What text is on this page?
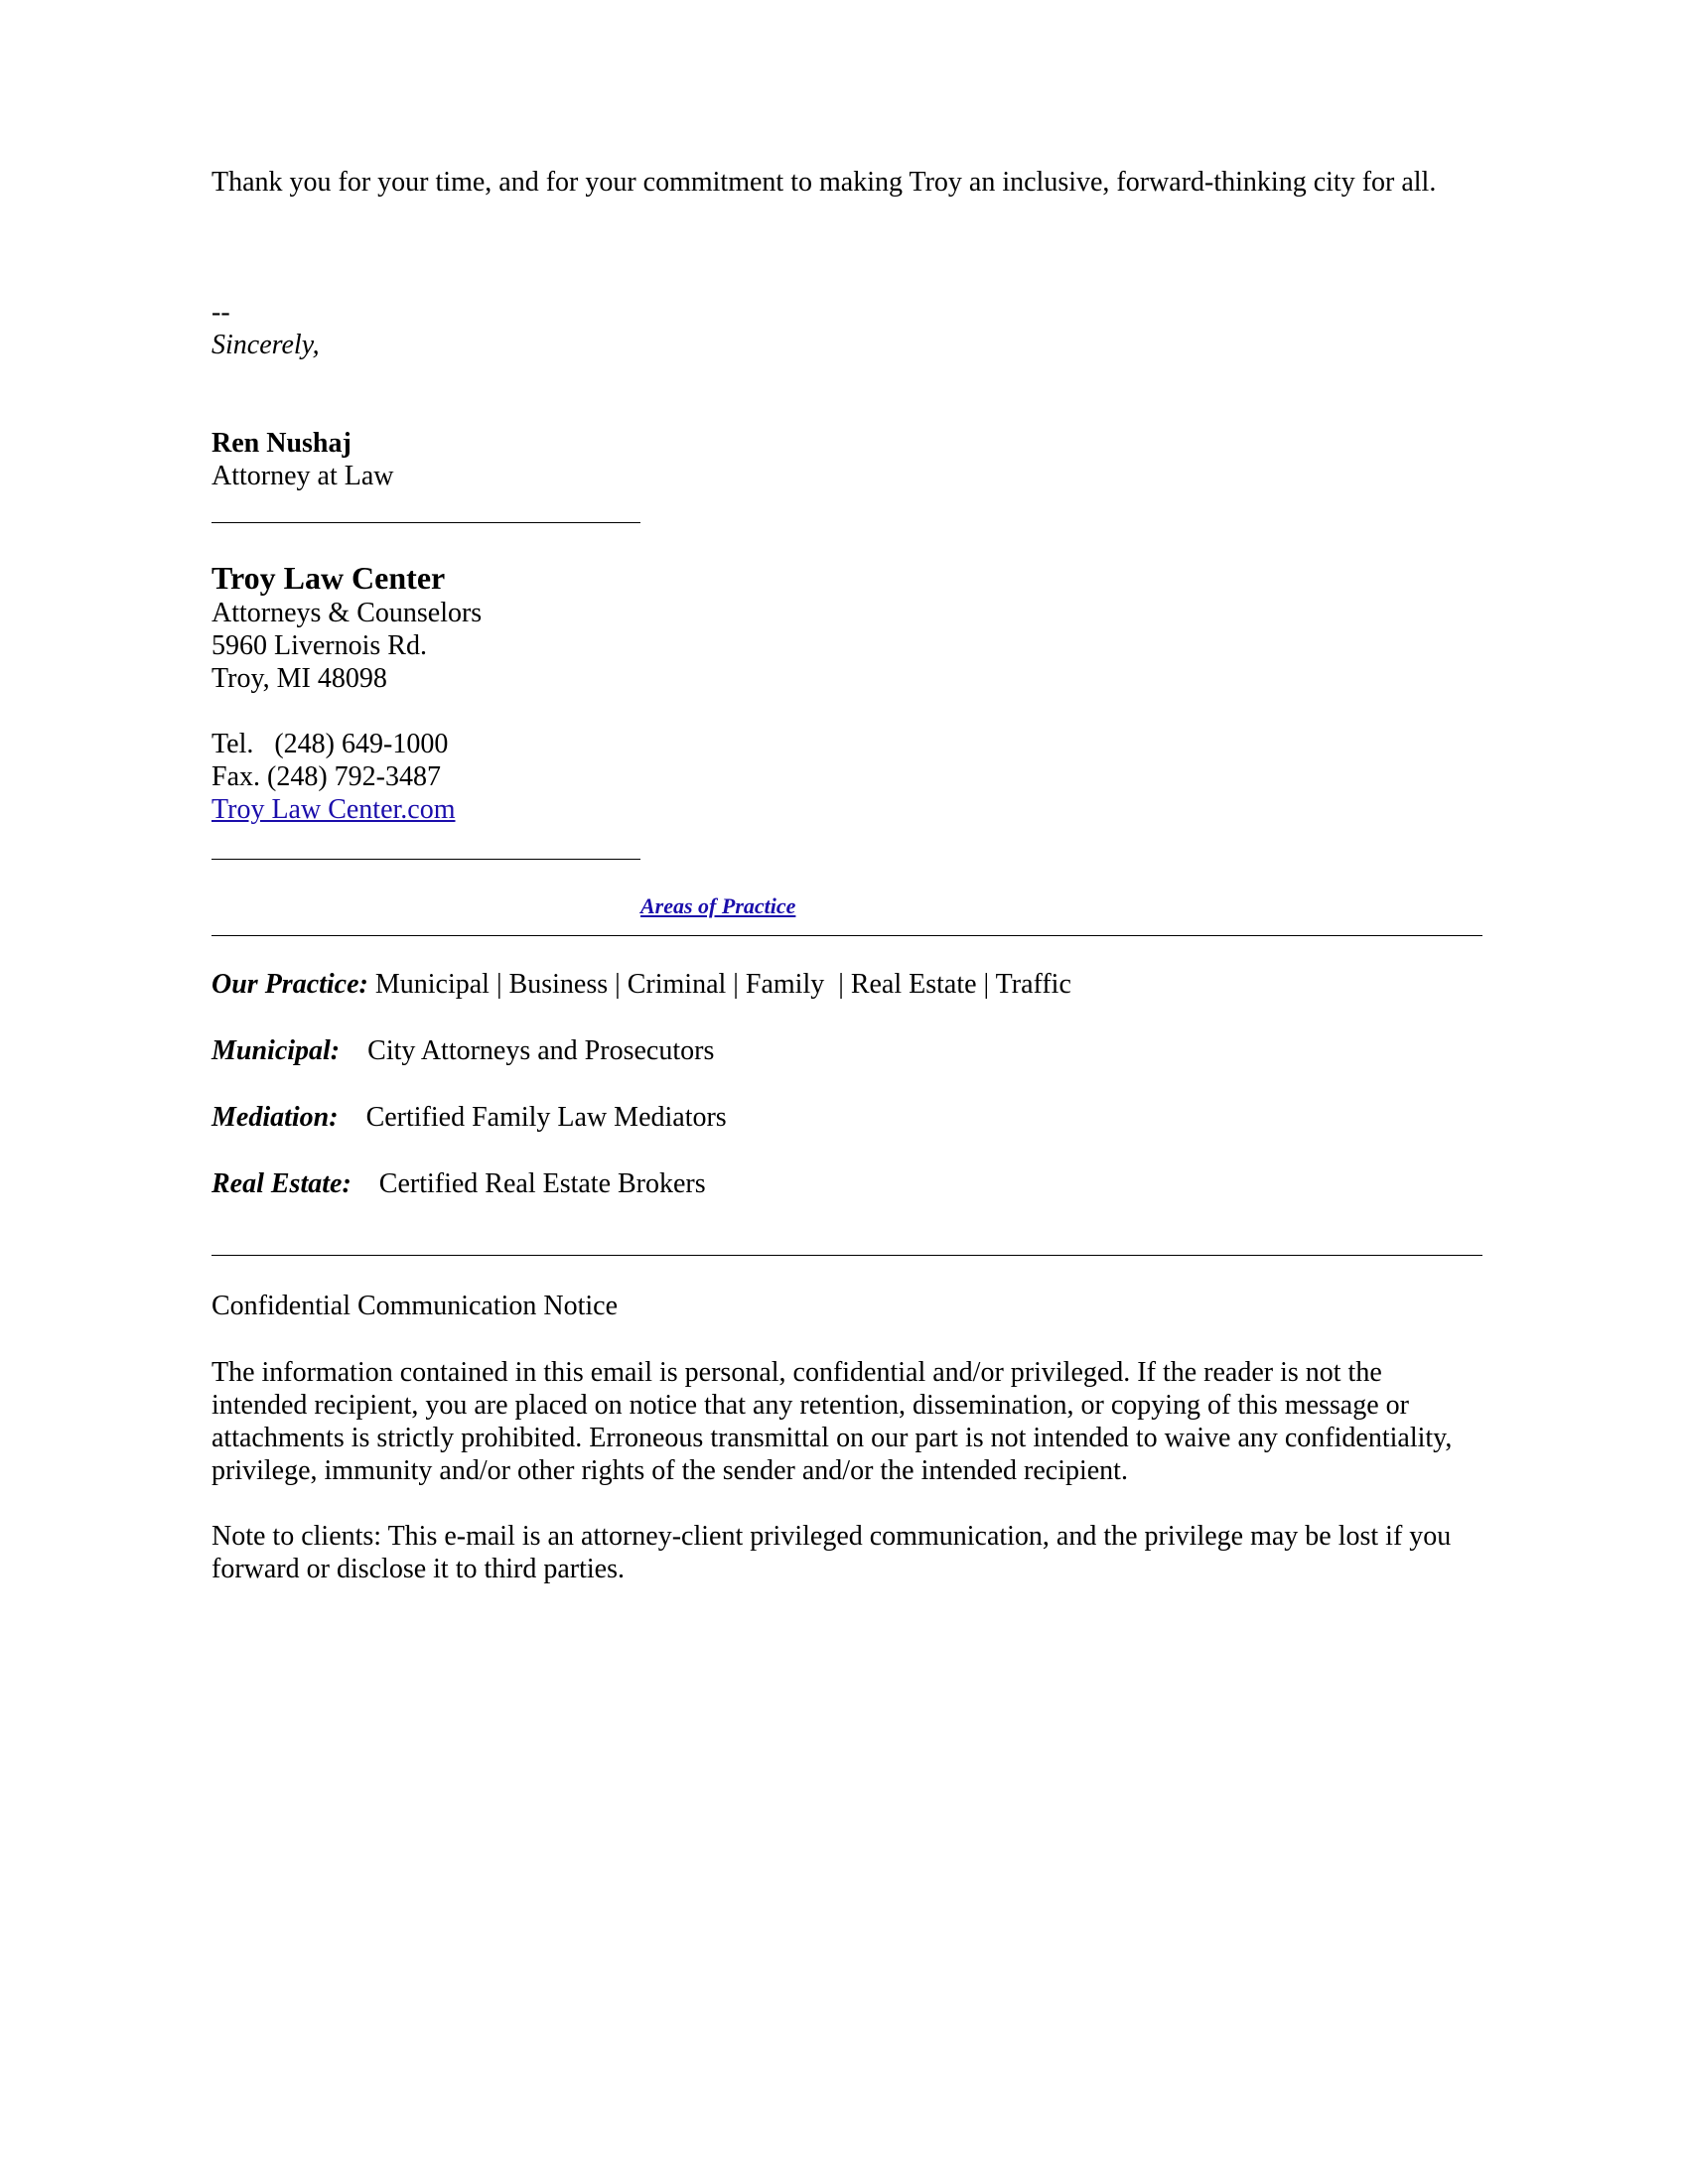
Thank you for your time, and for your commitment to making Troy an inclusive, forward-thinking city for all.

--

Sincerely,

Ren Nushaj

Attorney at Law

Troy Law Center

Attorneys & Counselors

5960 Livernois Rd.

Troy, MI 48098

Tel.   (248) 649-1000

Fax. (248) 792-3487

Troy Law Center.com

Areas of Practice

Our Practice: Municipal | Business | Criminal | Family  | Real Estate | Traffic

Municipal:    City Attorneys and Prosecutors

Mediation:    Certified Family Law Mediators

Real Estate:    Certified Real Estate Brokers

Confidential Communication Notice

The information contained in this email is personal, confidential and/or privileged. If the reader is not the intended recipient, you are placed on notice that any retention, dissemination, or copying of this message or attachments is strictly prohibited. Erroneous transmittal on our part is not intended to waive any confidentiality, privilege, immunity and/or other rights of the sender and/or the intended recipient.

Note to clients: This e-mail is an attorney-client privileged communication, and the privilege may be lost if you forward or disclose it to third parties.
